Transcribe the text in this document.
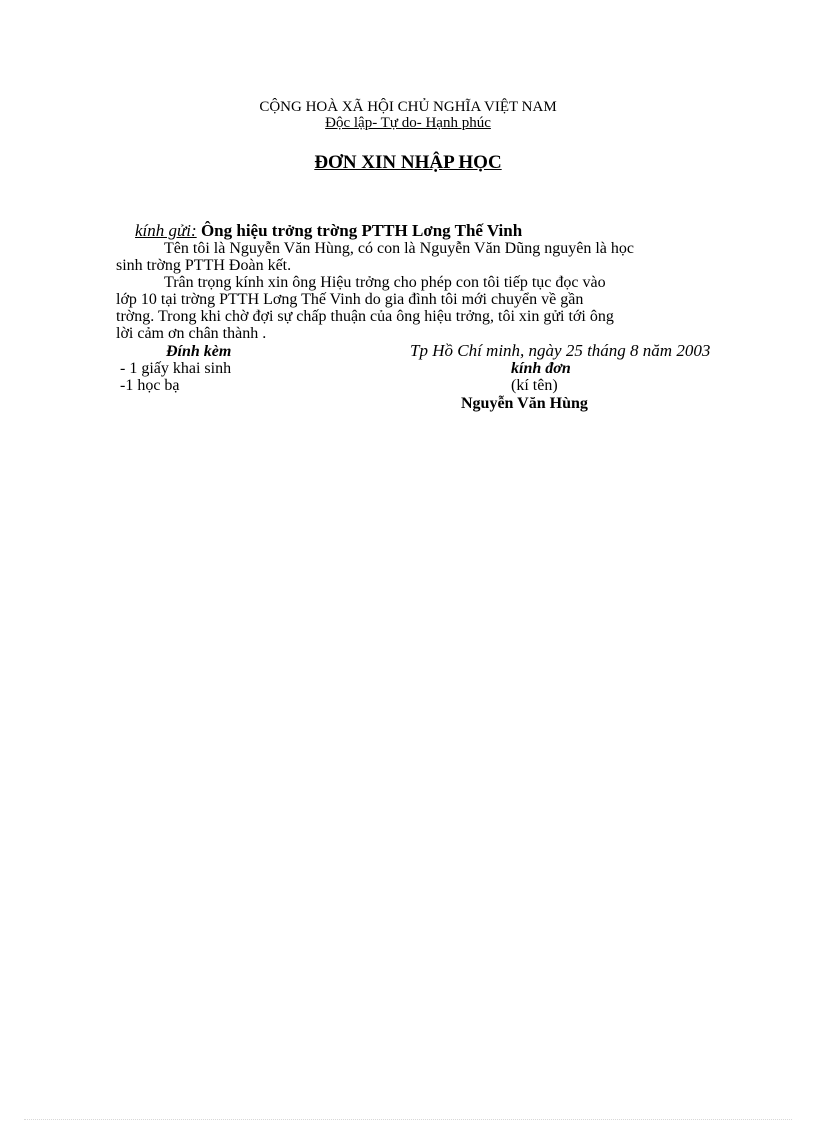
CỘNG HOÀ XÃ HỘI CHỦ NGHĨA VIỆT NAM
Độc lập- Tự do- Hạnh phúc
ĐƠN XIN NHẬP HỌC
kính gửi: Ông hiệu trởng trờng PTTH Lơng Thế Vinh
Tên tôi là Nguyễn Văn Hùng, có con là Nguyễn Văn Dũng nguyên là học
sinh trờng PTTH Đoàn kết.
Trân trọng kính xin ông Hiệu trởng cho phép con tôi tiếp tục đọc vào
lớp 10 tại trờng PTTH Lơng Thế Vinh do gia đình tôi mới chuyển về gần
trờng. Trong khi chờ đợi sự chấp thuận của ông hiệu trởng, tôi xin gửi tới ông
lời cảm ơn chân thành .
Đính kèm	Tp Hồ Chí minh, ngày 25 tháng 8 năm 2003
- 1 giấy khai sinh	kính đơn
-1 học bạ	(kí tên)
Nguyễn Văn Hùng
